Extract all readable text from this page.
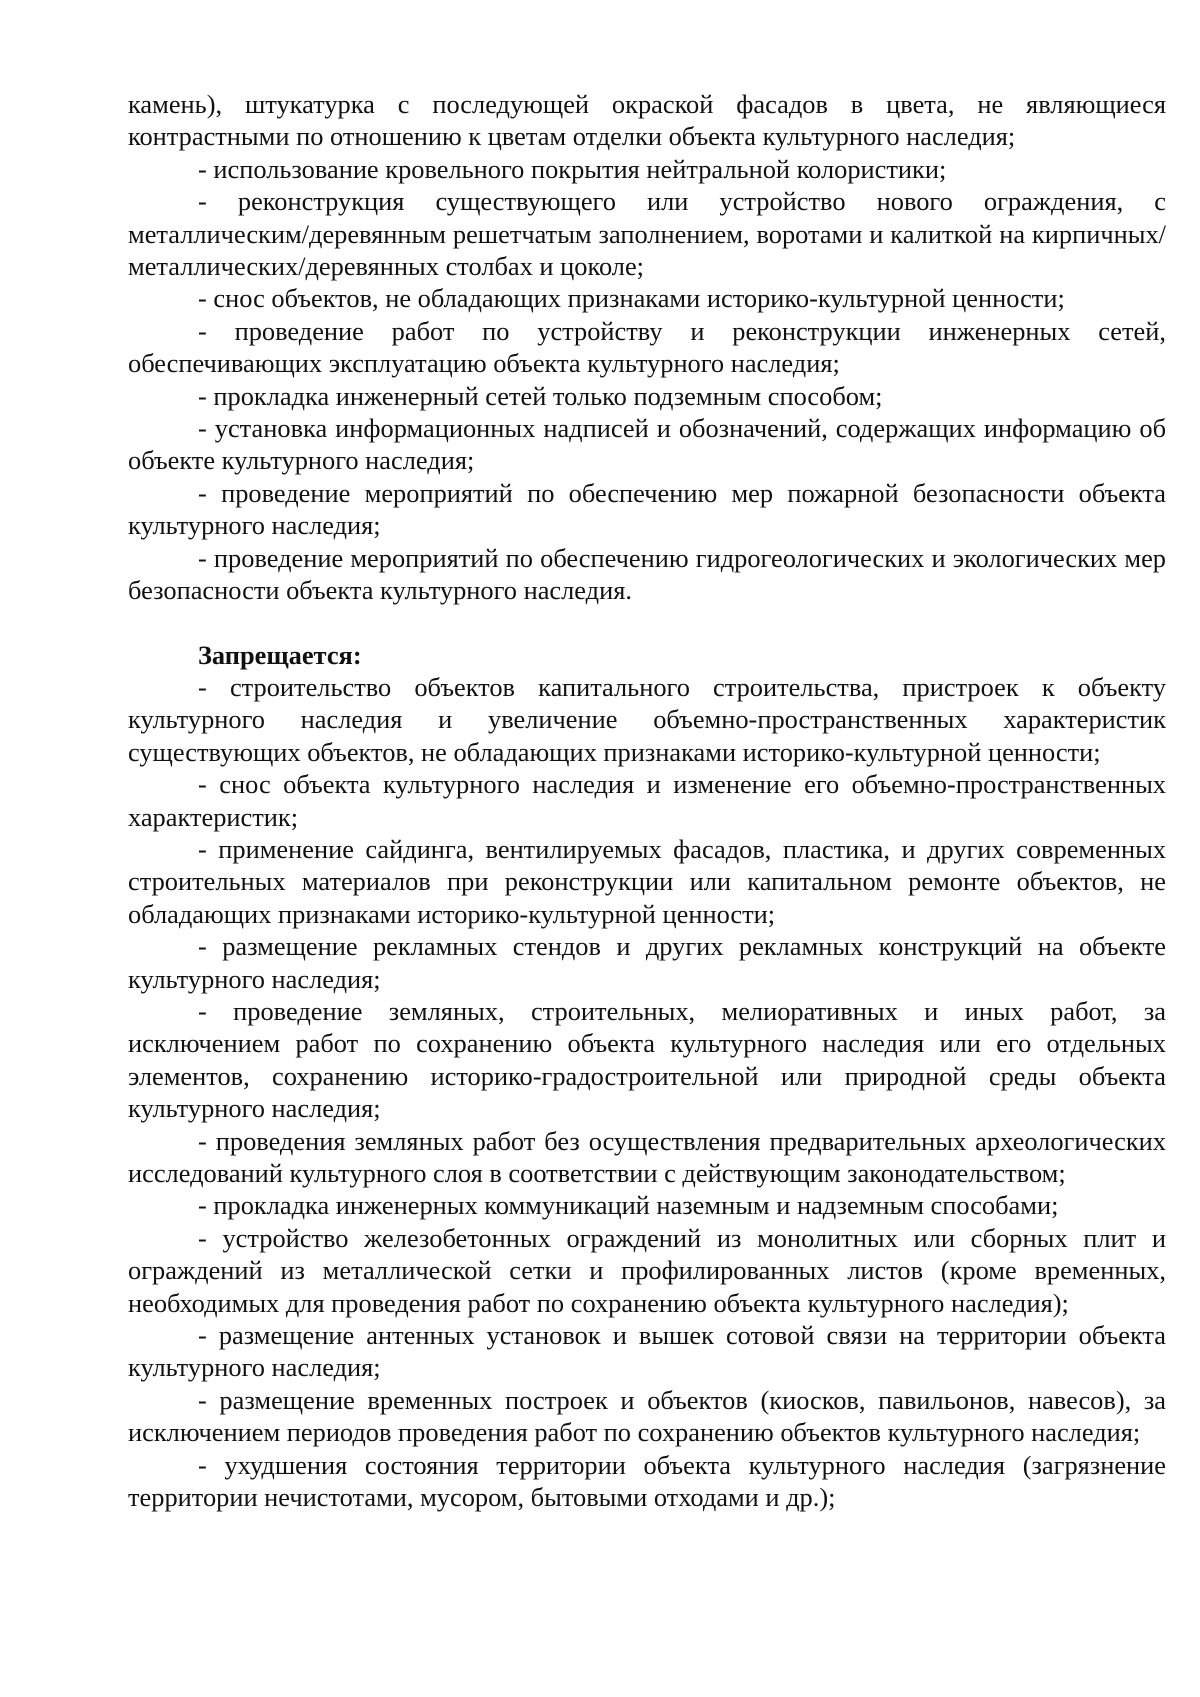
камень), штукатурка с последующей окраской фасадов в цвета, не являющиеся контрастными по отношению к цветам отделки объекта культурного наследия;

- использование кровельного покрытия нейтральной колористики;

- реконструкция существующего или устройство нового ограждения, с металлическим/деревянным решетчатым заполнением, воротами и калиткой на кирпичных/металлических/деревянных столбах и цоколе;

- снос объектов, не обладающих признаками историко-культурной ценности;

- проведение работ по устройству и реконструкции инженерных сетей, обеспечивающих эксплуатацию объекта культурного наследия;

- прокладка инженерный сетей только подземным способом;

- установка информационных надписей и обозначений, содержащих информацию об объекте культурного наследия;

- проведение мероприятий по обеспечению мер пожарной безопасности объекта культурного наследия;

- проведение мероприятий по обеспечению гидрогеологических и экологических мер безопасности объекта культурного наследия.

Запрещается:

- строительство объектов капитального строительства, пристроек к объекту культурного наследия и увеличение объемно-пространственных характеристик существующих объектов, не обладающих признаками историко-культурной ценности;

- снос объекта культурного наследия и изменение его объемно-пространственных характеристик;

- применение сайдинга, вентилируемых фасадов, пластика, и других современных строительных материалов при реконструкции или капитальном ремонте объектов, не обладающих признаками историко-культурной ценности;

- размещение рекламных стендов и других рекламных конструкций на объекте культурного наследия;

- проведение земляных, строительных, мелиоративных и иных работ, за исключением работ по сохранению объекта культурного наследия или его отдельных элементов, сохранению историко-градостроительной или природной среды объекта культурного наследия;

- проведения земляных работ без осуществления предварительных археологических исследований культурного слоя в соответствии с действующим законодательством;

- прокладка инженерных коммуникаций наземным и надземным способами;

- устройство железобетонных ограждений из монолитных или сборных плит и ограждений из металлической сетки и профилированных листов (кроме временных, необходимых для проведения работ по сохранению объекта культурного наследия);

- размещение антенных установок и вышек сотовой связи на территории объекта культурного наследия;

- размещение временных построек и объектов (киосков, павильонов, навесов), за исключением периодов проведения работ по сохранению объектов культурного наследия;

- ухудшения состояния территории объекта культурного наследия (загрязнение территории нечистотами, мусором, бытовыми отходами и др.);
